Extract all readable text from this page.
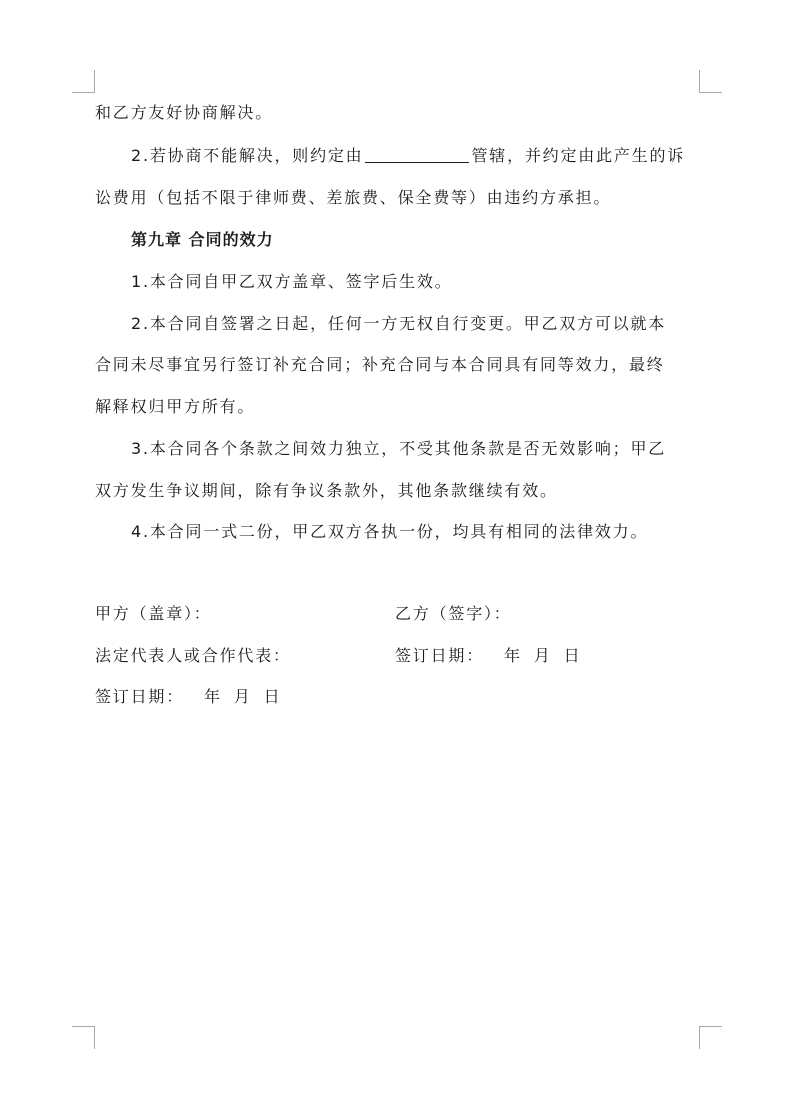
和乙方友好协商解决。
2.若协商不能解决，则约定由	管辖，并约定由此产生的诉
讼费用（包括不限于律师费、差旅费、保全费等）由违约方承担。
第九章 合同的效力
1.本合同自甲乙双方盖章、签字后生效。
2.本合同自签署之日起，任何一方无权自行变更。甲乙双方可以就本
合同未尽事宜另行签订补充合同；补充合同与本合同具有同等效力，最终
解释权归甲方所有。
3.本合同各个条款之间效力独立，不受其他条款是否无效影响；甲乙
双方发生争议期间，除有争议条款外，其他条款继续有效。
4.本合同一式二份，甲乙双方各执一份，均具有相同的法律效力。
甲方（盖章）：	乙方（签字）：
法定代表人或合作代表：	签订日期： 年 月 日
签订日期： 年 月 日
